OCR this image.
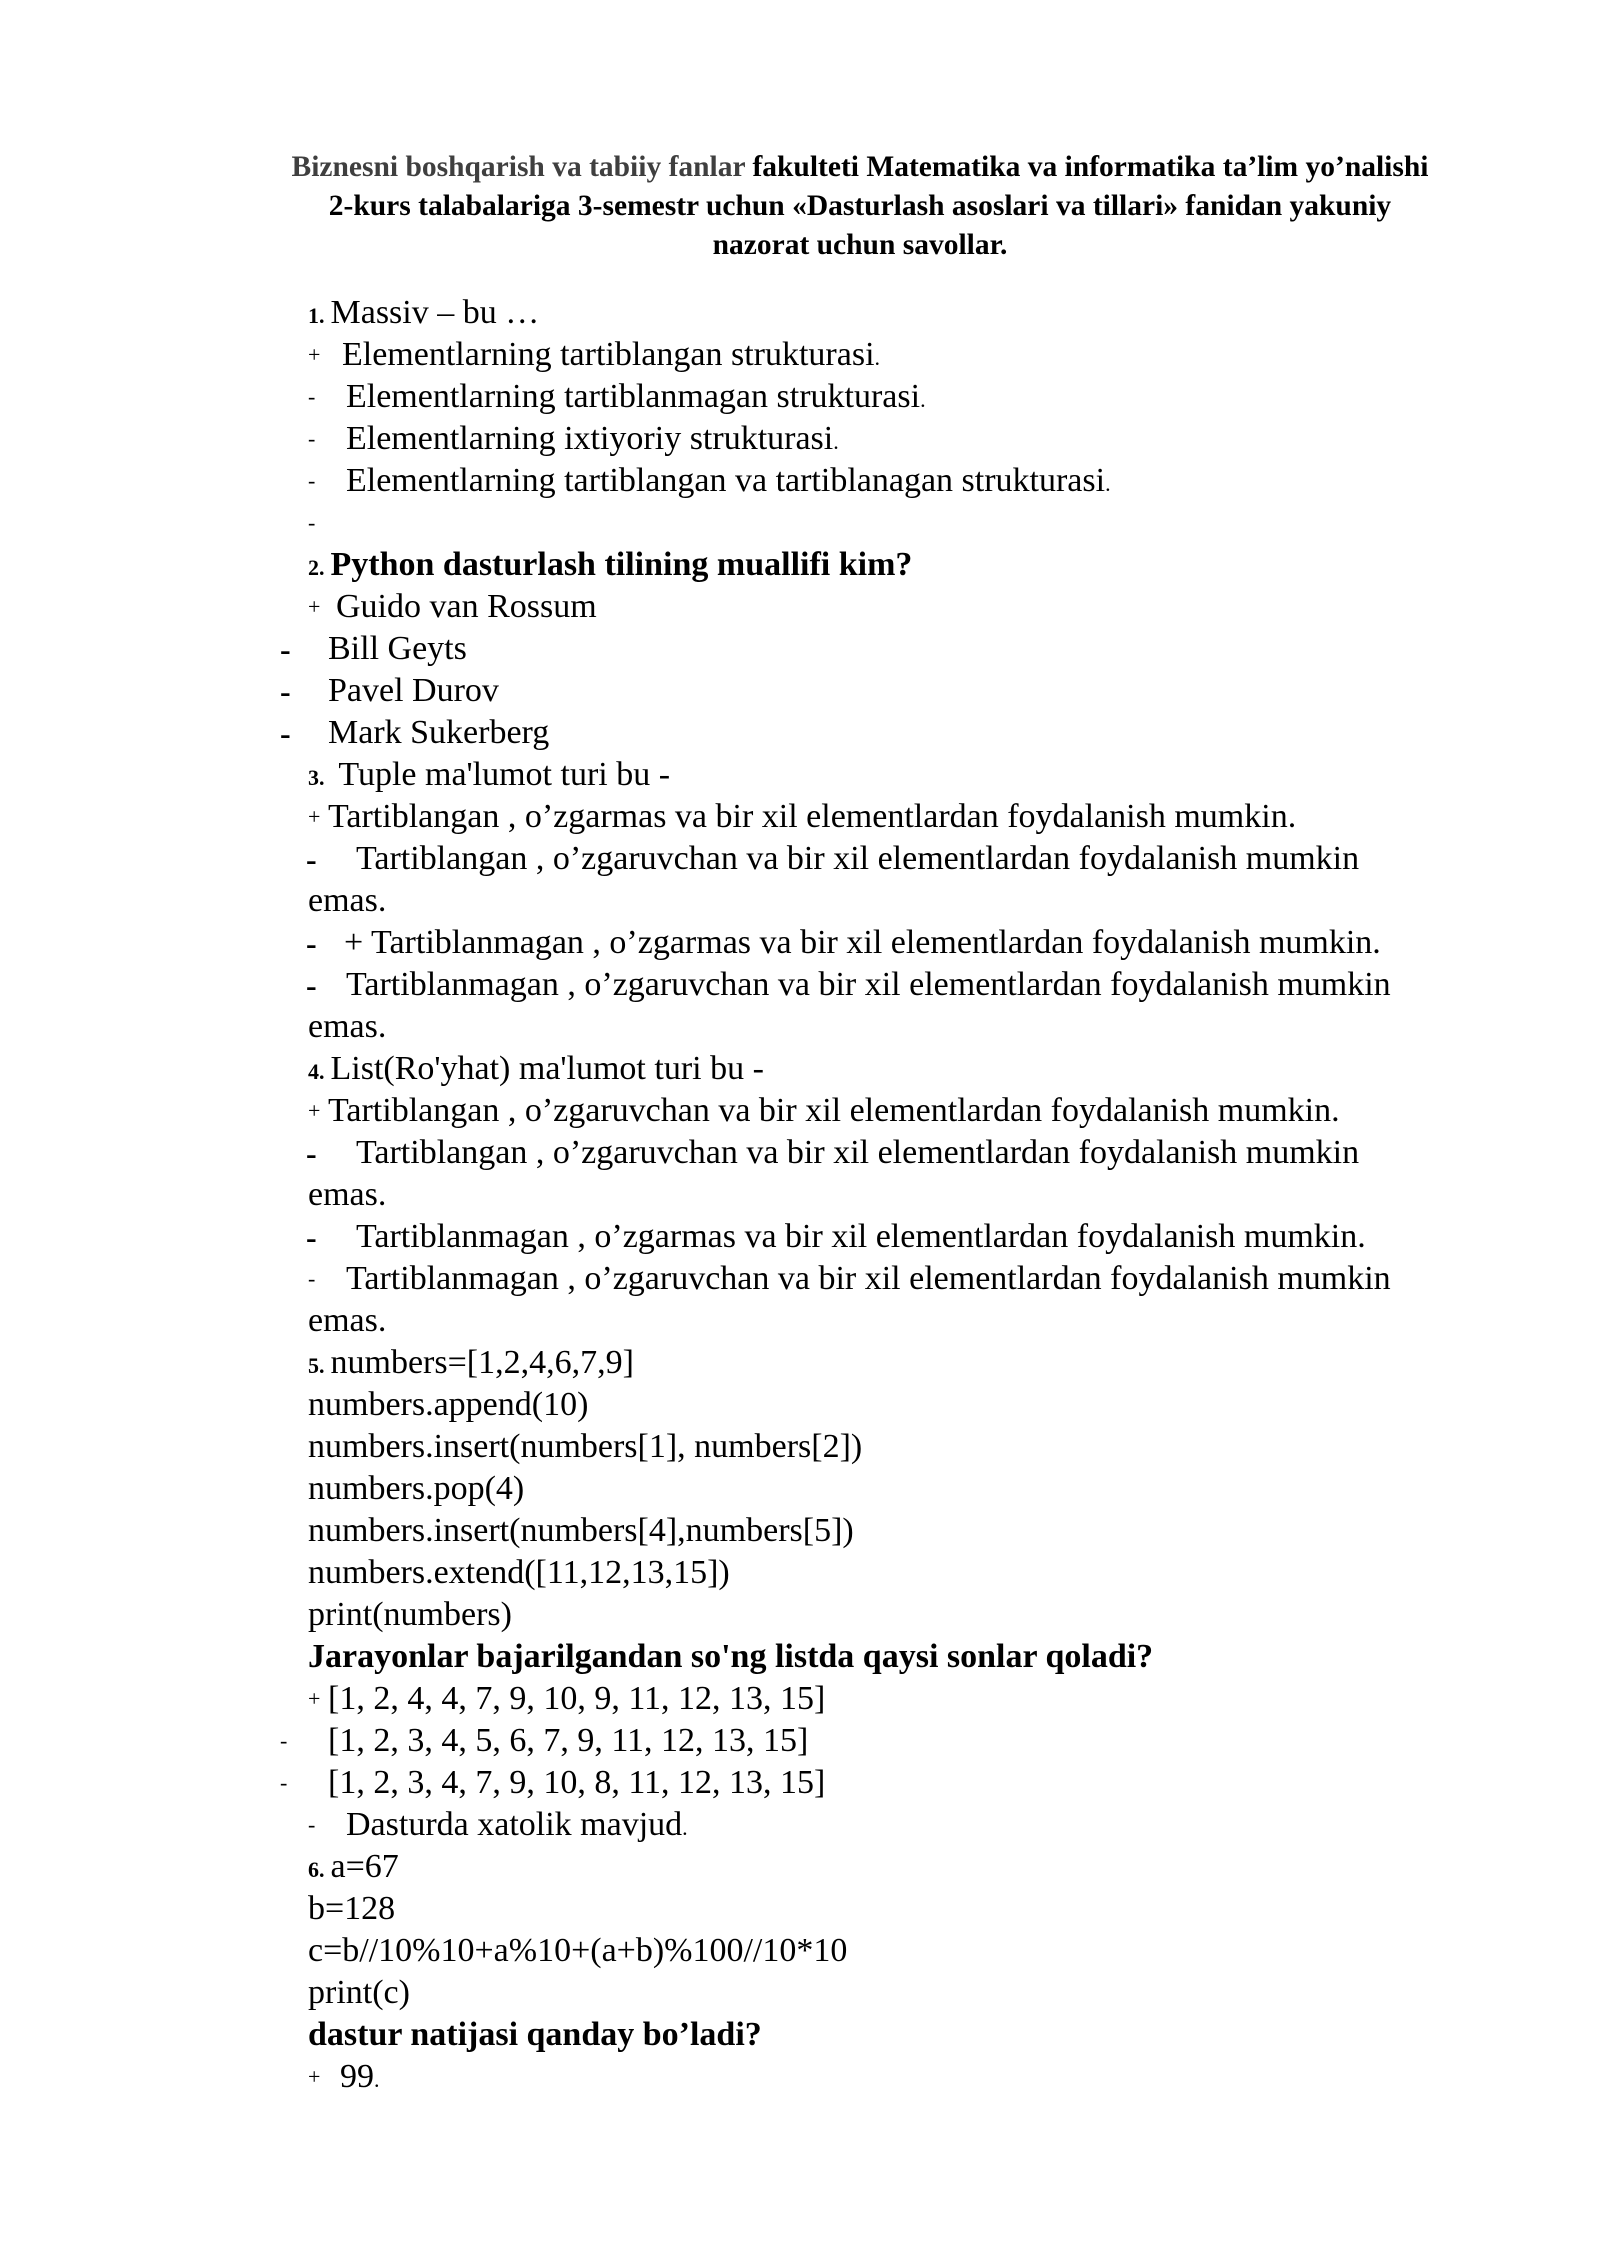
Biznesni boshqarish va tabiiy fanlar fakulteti Matematika va informatika ta’lim yo’nalishi
2-kurs talabalariga 3-semestr uchun «Dasturlash asoslari va tillari» fanidan yakuniy
nazorat uchun savollar.
1. Massiv – bu …
+ Elementlarning tartiblangan strukturasi.
- Elementlarning tartiblanmagan strukturasi.
- Elementlarning ixtiyoriy strukturasi.
- Elementlarning tartiblangan va tartiblanagan strukturasi.
-
2. Python dasturlash tilining muallifi kim?
+ Guido van Rossum
- Bill Geyts
- Pavel Durov
- Mark Sukerberg
3. Tuple ma'lumot turi bu -
+ Tartiblangan , o’zgarmas va bir xil elementlardan foydalanish mumkin.
- Tartiblangan , o’zgaruvchan va bir xil elementlardan foydalanish mumkin
emas.
- + Tartiblanmagan , o’zgarmas va bir xil elementlardan foydalanish mumkin.
- Tartiblanmagan , o’zgaruvchan va bir xil elementlardan foydalanish mumkin
emas.
4. List(Ro'yhat) ma'lumot turi bu -
+ Tartiblangan , o’zgaruvchan va bir xil elementlardan foydalanish mumkin.
- Tartiblangan , o’zgaruvchan va bir xil elementlardan foydalanish mumkin
emas.
- Tartiblanmagan , o’zgarmas va bir xil elementlardan foydalanish mumkin.
- Tartiblanmagan , o’zgaruvchan va bir xil elementlardan foydalanish mumkin
emas.
5. numbers=[1,2,4,6,7,9]
numbers.append(10)
numbers.insert(numbers[1], numbers[2])
numbers.pop(4)
numbers.insert(numbers[4],numbers[5])
numbers.extend([11,12,13,15])
print(numbers)
Jarayonlar bajarilgandan so'ng listda qaysi sonlar qoladi?
+ [1, 2, 4, 4, 7, 9, 10, 9, 11, 12, 13, 15]
- [1, 2, 3, 4, 5, 6, 7, 9, 11, 12, 13, 15]
- [1, 2, 3, 4, 7, 9, 10, 8, 11, 12, 13, 15]
- Dasturda xatolik mavjud.
6. a=67
b=128
c=b//10%10+a%10+(a+b)%100//10*10
print(c)
dastur natijasi qanday bo’ladi?
+ 99.
